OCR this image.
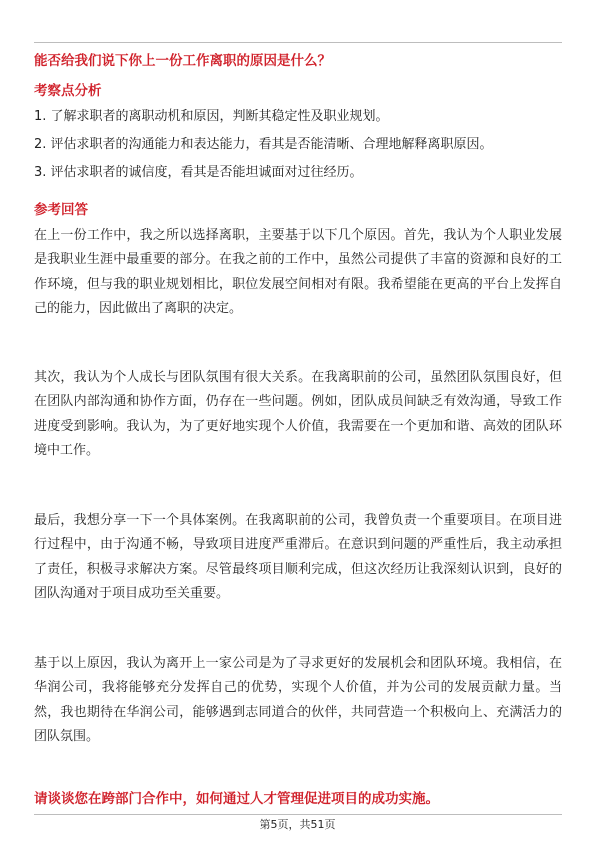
能否给我们说下你上一份工作离职的原因是什么？
考察点分析
1. 了解求职者的离职动机和原因，判断其稳定性及职业规划。
2. 评估求职者的沟通能力和表达能力，看其是否能清晰、合理地解释离职原因。
3. 评估求职者的诚信度，看其是否能坦诚面对过往经历。
参考回答
在上一份工作中，我之所以选择离职，主要基于以下几个原因。首先，我认为个人职业发展是我职业生涯中最重要的部分。在我之前的工作中，虽然公司提供了丰富的资源和良好的工作环境，但与我的职业规划相比，职位发展空间相对有限。我希望能在更高的平台上发挥自己的能力，因此做出了离职的决定。
其次，我认为个人成长与团队氛围有很大关系。在我离职前的公司，虽然团队氛围良好，但在团队内部沟通和协作方面，仍存在一些问题。例如，团队成员间缺乏有效沟通，导致工作进度受到影响。我认为，为了更好地实现个人价值，我需要在一个更加和谐、高效的团队环境中工作。
最后，我想分享一下一个具体案例。在我离职前的公司，我曾负责一个重要项目。在项目进行过程中，由于沟通不畅，导致项目进度严重滞后。在意识到问题的严重性后，我主动承担了责任，积极寻求解决方案。尽管最终项目顺利完成，但这次经历让我深刻认识到，良好的团队沟通对于项目成功至关重要。
基于以上原因，我认为离开上一家公司是为了寻求更好的发展机会和团队环境。我相信，在华润公司，我将能够充分发挥自己的优势，实现个人价值，并为公司的发展贡献力量。当然，我也期待在华润公司，能够遇到志同道合的伙伴，共同营造一个积极向上、充满活力的团队氛围。
请谈谈您在跨部门合作中，如何通过人才管理促进项目的成功实施。
第5页，共51页
